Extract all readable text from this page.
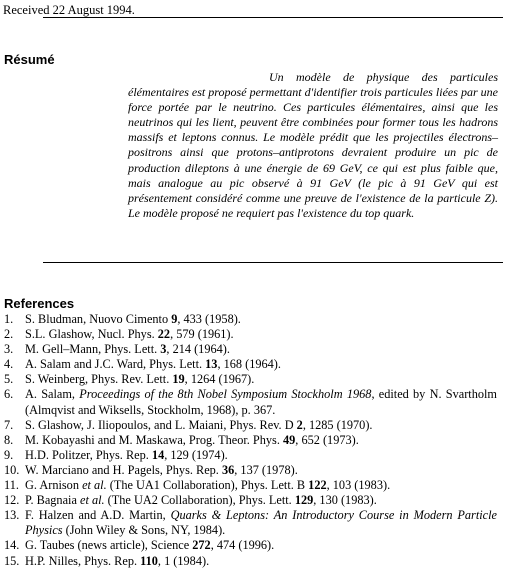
Received 22 August 1994.
Résumé
Un modèle de physique des particules élémentaires est proposé permettant d'identifier trois particules liées par une force portée par le neutrino. Ces particules élémentaires, ainsi que les neutrinos qui les lient, peuvent être combinées pour former tous les hadrons massifs et leptons connus. Le modèle prédit que les projectiles électrons–positrons ainsi que protons–antiprotons devraient produire un pic de production dileptons à une énergie de 69 GeV, ce qui est plus faible que, mais analogue au pic observé à 91 GeV (le pic à 91 GeV qui est présentement considéré comme une preuve de l'existence de la particule Z). Le modèle proposé ne requiert pas l'existence du top quark.
References
1. S. Bludman, Nuovo Cimento 9, 433 (1958).
2. S.L. Glashow, Nucl. Phys. 22, 579 (1961).
3. M. Gell–Mann, Phys. Lett. 3, 214 (1964).
4. A. Salam and J.C. Ward, Phys. Lett. 13, 168 (1964).
5. S. Weinberg, Phys. Rev. Lett. 19, 1264 (1967).
6. A. Salam, Proceedings of the 8th Nobel Symposium Stockholm 1968, edited by N. Svartholm (Almqvist and Wiksells, Stockholm, 1968), p. 367.
7. S. Glashow, J. Iliopoulos, and L. Maiani, Phys. Rev. D 2, 1285 (1970).
8. M. Kobayashi and M. Maskawa, Prog. Theor. Phys. 49, 652 (1973).
9. H.D. Politzer, Phys. Rep. 14, 129 (1974).
10. W. Marciano and H. Pagels, Phys. Rep. 36, 137 (1978).
11. G. Arnison et al. (The UA1 Collaboration), Phys. Lett. B 122, 103 (1983).
12. P. Bagnaia et al. (The UA2 Collaboration), Phys. Lett. 129, 130 (1983).
13. F. Halzen and A.D. Martin, Quarks & Leptons: An Introductory Course in Modern Particle Physics (John Wiley & Sons, NY, 1984).
14. G. Taubes (news article), Science 272, 474 (1996).
15. H.P. Nilles, Phys. Rep. 110, 1 (1984).
